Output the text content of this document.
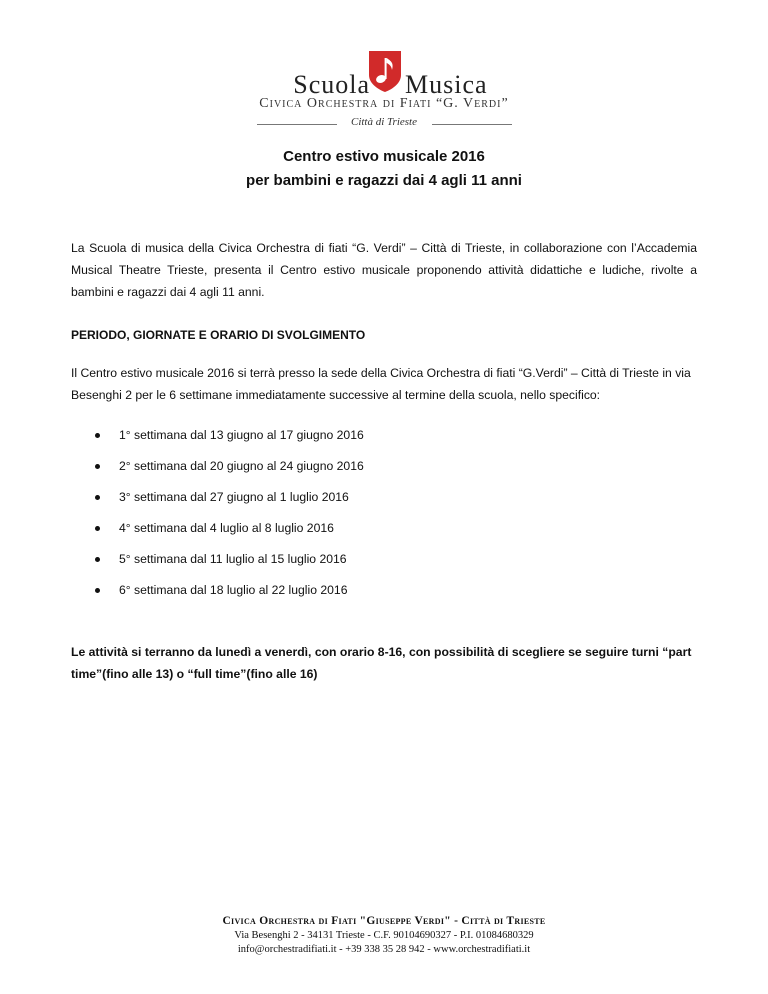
Scuola Musica
Civica Orchestra di Fiati “G. Verdi”
Città di Trieste
Centro estivo musicale 2016
per bambini e ragazzi dai 4 agli 11 anni
La Scuola di musica della Civica Orchestra di fiati “G. Verdi” – Città di Trieste, in collaborazione con l’Accademia Musical Theatre Trieste, presenta il Centro estivo musicale proponendo attività didattiche e ludiche, rivolte a bambini e ragazzi dai 4 agli 11 anni.
PERIODO, GIORNATE E ORARIO DI SVOLGIMENTO
Il Centro estivo musicale 2016 si terrà presso la sede della Civica Orchestra di fiati “G.Verdi” – Città di Trieste in via Besenghi 2 per le 6 settimane immediatamente successive al termine della scuola, nello specifico:
1° settimana dal 13 giugno al 17 giugno 2016
2° settimana dal 20 giugno al 24 giugno 2016
3° settimana dal 27 giugno al 1 luglio 2016
4° settimana dal 4 luglio al 8 luglio 2016
5° settimana dal 11 luglio al 15 luglio 2016
6° settimana dal 18 luglio al 22 luglio 2016
Le attività si terranno da lunedì a venerdì, con orario 8-16, con possibilità di scegliere se seguire turni “part time”(fino alle 13) o “full time”(fino alle 16)
Civica Orchestra di Fiati "Giuseppe Verdi" - Città di Trieste
Via Besenghi 2 - 34131 Trieste - C.F. 90104690327 - P.I. 01084680329
info@orchestradifiati.it - +39 338 35 28 942 - www.orchestradifiati.it
